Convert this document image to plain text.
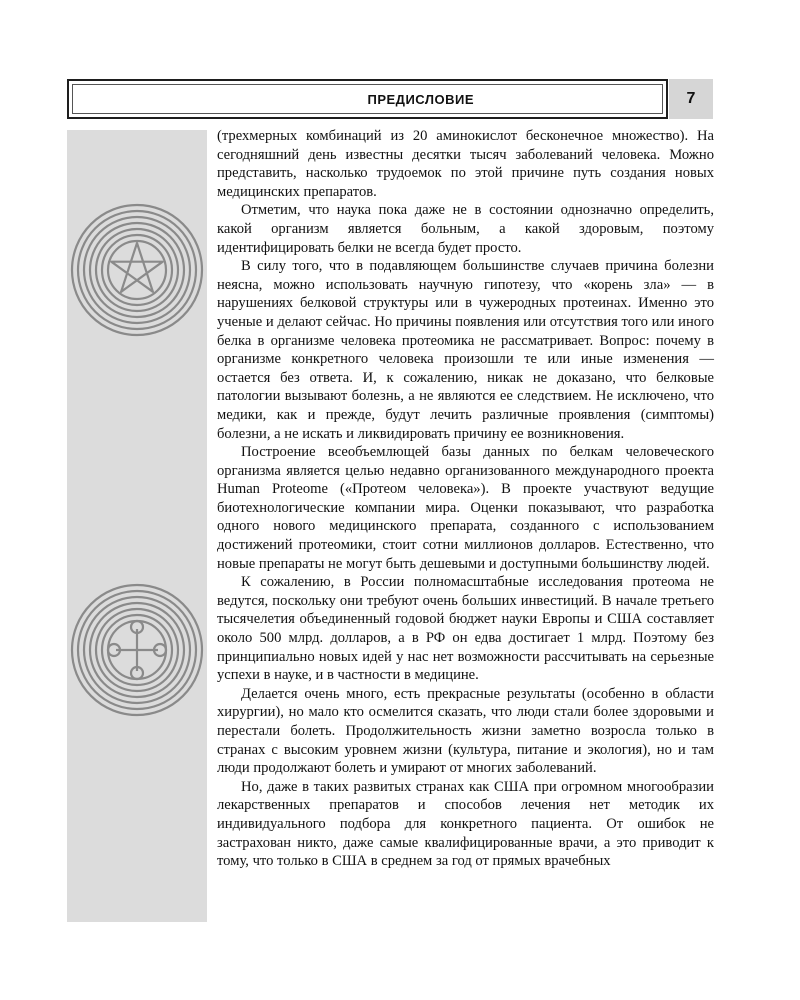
ПРЕДИСЛОВИЕ	7

(трехмерных комбинаций из 20 аминокислот бесконечное множество). На сегодняшний день известны десятки тысяч заболеваний человека. Можно представить, насколько трудоемок по этой причине путь создания новых медицинских препаратов.

Отметим, что наука пока даже не в состоянии однозначно определить, какой организм является больным, а какой здоровым, поэтому идентифицировать белки не всегда будет просто.

В силу того, что в подавляющем большинстве случаев причина болезни неясна, можно использовать научную гипотезу, что «корень зла» — в нарушениях белковой структуры или в чужеродных протеинах. Именно это ученые и делают сейчас. Но причины появления или отсутствия того или иного белка в организме человека протеомика не рассматривает. Вопрос: почему в организме конкретного человека произошли те или иные изменения — остается без ответа. И, к сожалению, никак не доказано, что белковые патологии вызывают болезнь, а не являются ее следствием. Не исключено, что медики, как и прежде, будут лечить различные проявления (симптомы) болезни, а не искать и ликвидировать причину ее возникновения.

Построение всеобъемлющей базы данных по белкам человеческого организма является целью недавно организованного международного проекта Human Proteome («Протеом человека»). В проекте участвуют ведущие биотехнологические компании мира. Оценки показывают, что разработка одного нового медицинского препарата, созданного с использованием достижений протеомики, стоит сотни миллионов долларов. Естественно, что новые препараты не могут быть дешевыми и доступными большинству людей.

К сожалению, в России полномасштабные исследования протеома не ведутся, поскольку они требуют очень больших инвестиций. В начале третьего тысячелетия объединенный годовой бюджет науки Европы и США составляет около 500 млрд. долларов, а в РФ он едва достигает 1 млрд. Поэтому без принципиально новых идей у нас нет возможности рассчитывать на серьезные успехи в науке, и в частности в медицине.

Делается очень много, есть прекрасные результаты (особенно в области хирургии), но мало кто осмелится сказать, что люди стали более здоровыми и перестали болеть. Продолжительность жизни заметно возросла только в странах с высоким уровнем жизни (культура, питание и экология), но и там люди продолжают болеть и умирают от многих заболеваний.

Но, даже в таких развитых странах как США при огромном многообразии лекарственных препаратов и способов лечения нет методик их индивидуального подбора для конкретного пациента. От ошибок не застрахован никто, даже самые квалифицированные врачи, а это приводит к тому, что только в США в среднем за год от прямых врачебных
